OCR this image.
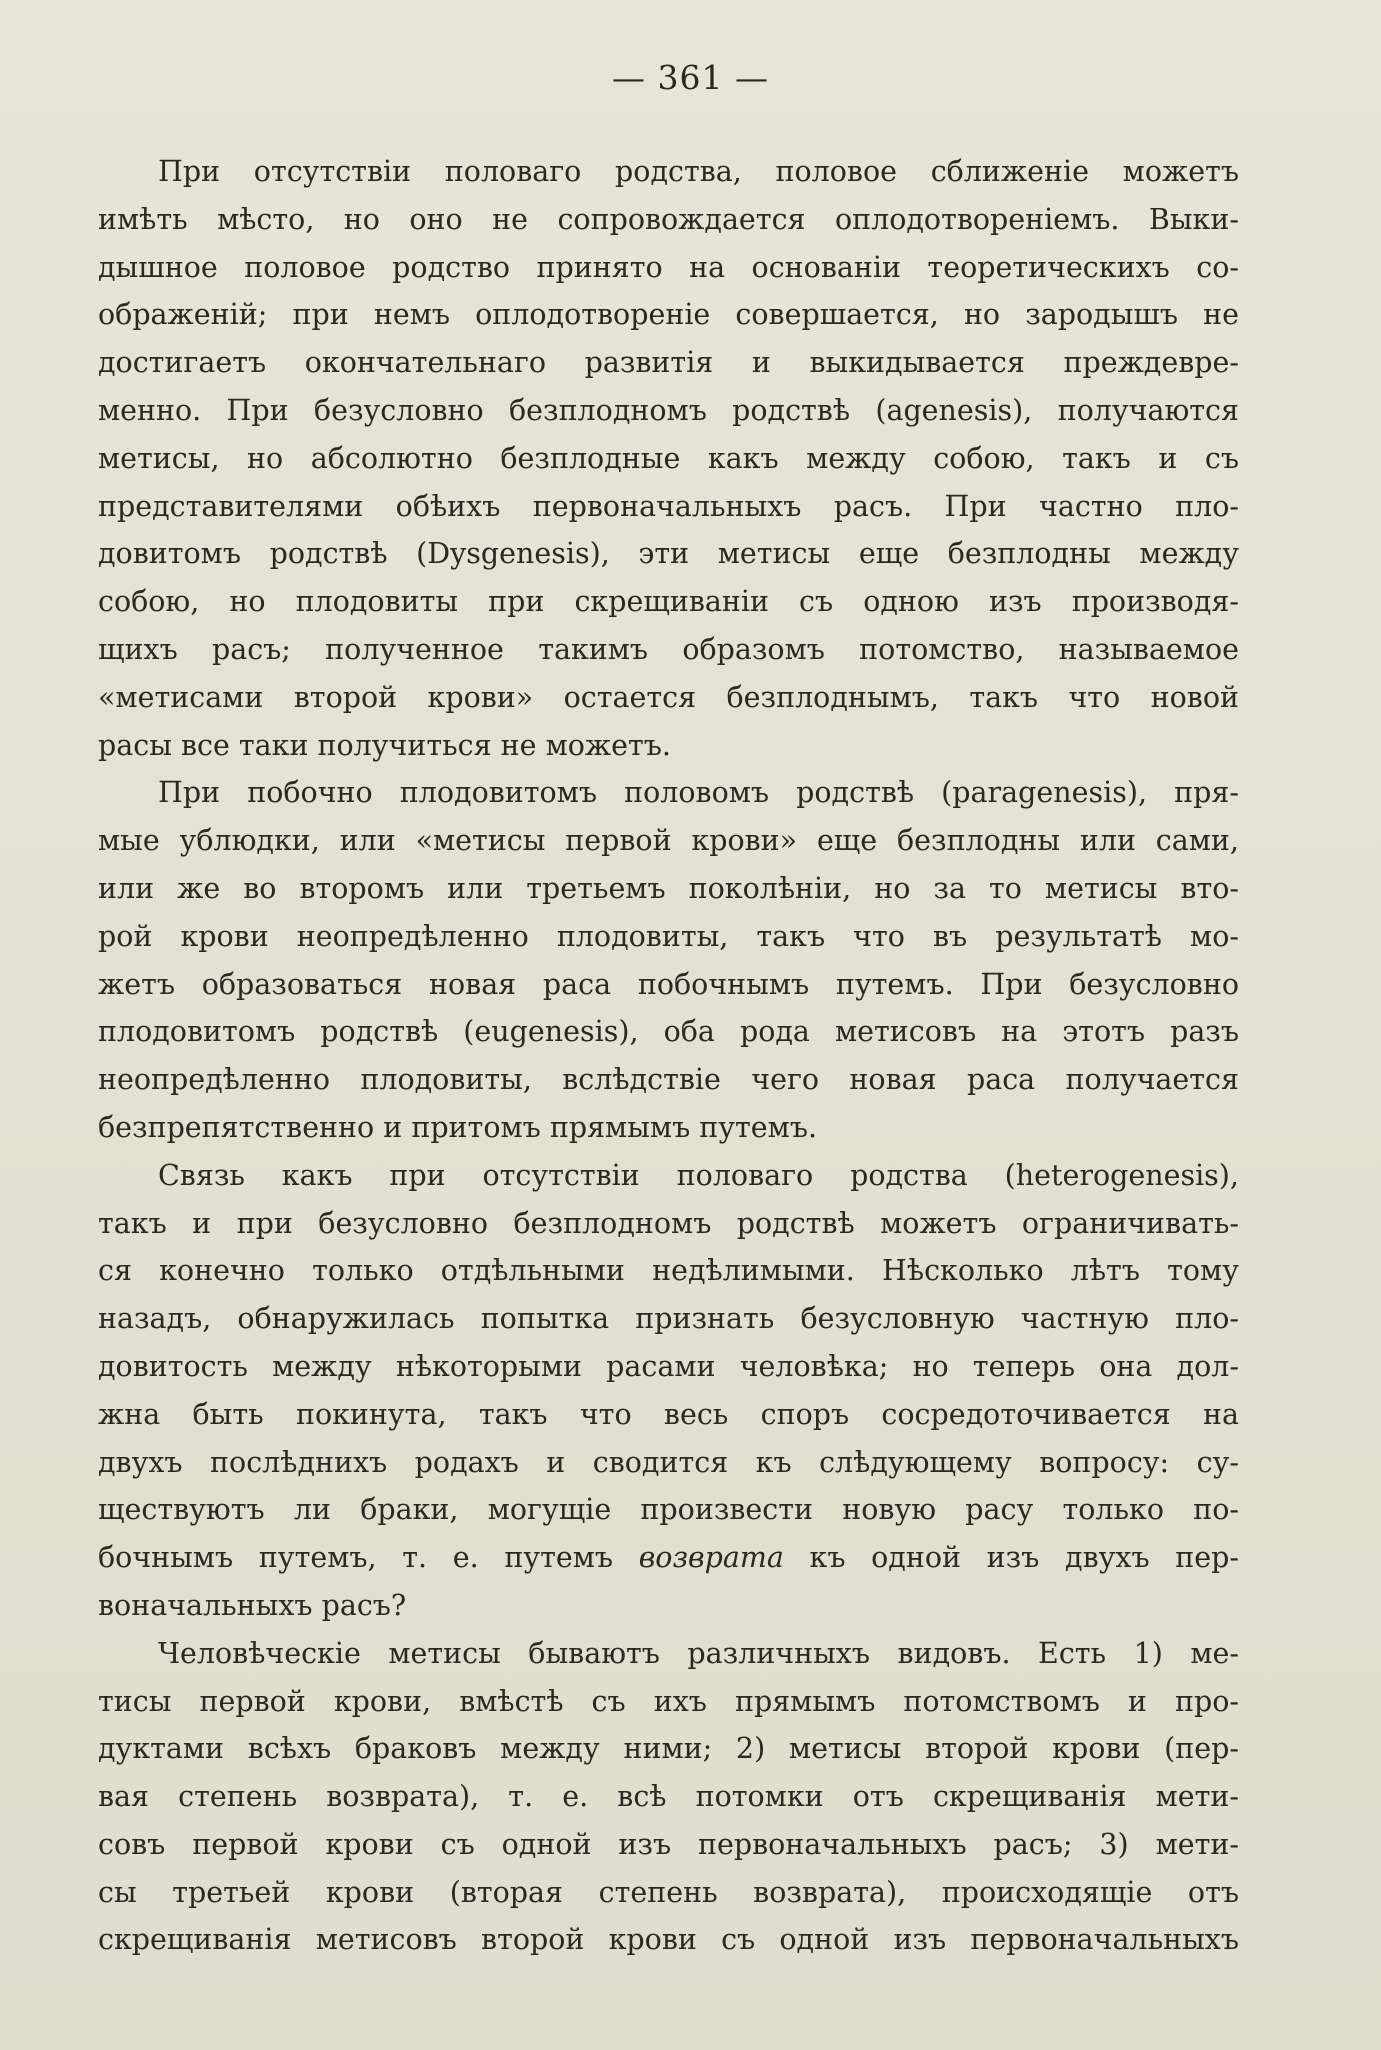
— 361 —
При отсутствіи половаго родства, половое сближеніе можетъ
имѣть мѣсто, но оно не сопровождается оплодотвореніемъ. Выки-
дышное половое родство принято на основаніи теоретическихъ со-
ображеній; при немъ оплодотвореніе совершается, но зародышъ не
достигаетъ окончательнаго развитія и выкидывается преждевре-
менно. При безусловно безплодномъ родствѣ (agenesis), получаются
метисы, но абсолютно безплодные какъ между собою, такъ и съ
представителями обѣихъ первоначальныхъ расъ. При частно пло-
довитомъ родствѣ (Dysgenesis), эти метисы еще безплодны между
собою, но плодовиты при скрещиваніи съ одною изъ производя-
щихъ расъ; полученное такимъ образомъ потомство, называемое
«метисами второй крови» остается безплоднымъ, такъ что новой
расы все таки получиться не можетъ.
При побочно плодовитомъ половомъ родствѣ (paragenesis), пря-
мые ублюдки, или «метисы первой крови» еще безплодны или сами,
или же во второмъ или третьемъ поколѣніи, но за то метисы вто-
рой крови неопредѣленно плодовиты, такъ что въ результатѣ мо-
жетъ образоваться новая раса побочнымъ путемъ. При безусловно
плодовитомъ родствѣ (eugenesis), оба рода метисовъ на этотъ разъ
неопредѣленно плодовиты, вслѣдствіе чего новая раса получается
безпрепятственно и притомъ прямымъ путемъ.
Связь какъ при отсутствіи половаго родства (heterogenesis),
такъ и при безусловно безплодномъ родствѣ можетъ ограничивать-
ся конечно только отдѣльными недѣлимыми. Нѣсколько лѣтъ тому
назадъ, обнаружилась попытка признать безусловную частную пло-
довитость между нѣкоторыми расами человѣка; но теперь она дол-
жна быть покинута, такъ что весь споръ сосредоточивается на
двухъ послѣднихъ родахъ и сводится къ слѣдующему вопросу: су-
ществуютъ ли браки, могущіе произвести новую расу только по-
бочнымъ путемъ, т. е. путемъ возврата къ одной изъ двухъ пер-
воначальныхъ расъ?
Человѣческіе метисы бываютъ различныхъ видовъ. Есть 1) ме-
тисы первой крови, вмѣстѣ съ ихъ прямымъ потомствомъ и про-
дуктами всѣхъ браковъ между ними; 2) метисы второй крови (пер-
вая степень возврата), т. е. всѣ потомки отъ скрещиванія мети-
совъ первой крови съ одной изъ первоначальныхъ расъ; 3) мети-
сы третьей крови (вторая степень возврата), происходящіе отъ
скрещиванія метисовъ второй крови съ одной изъ первоначальныхъ
